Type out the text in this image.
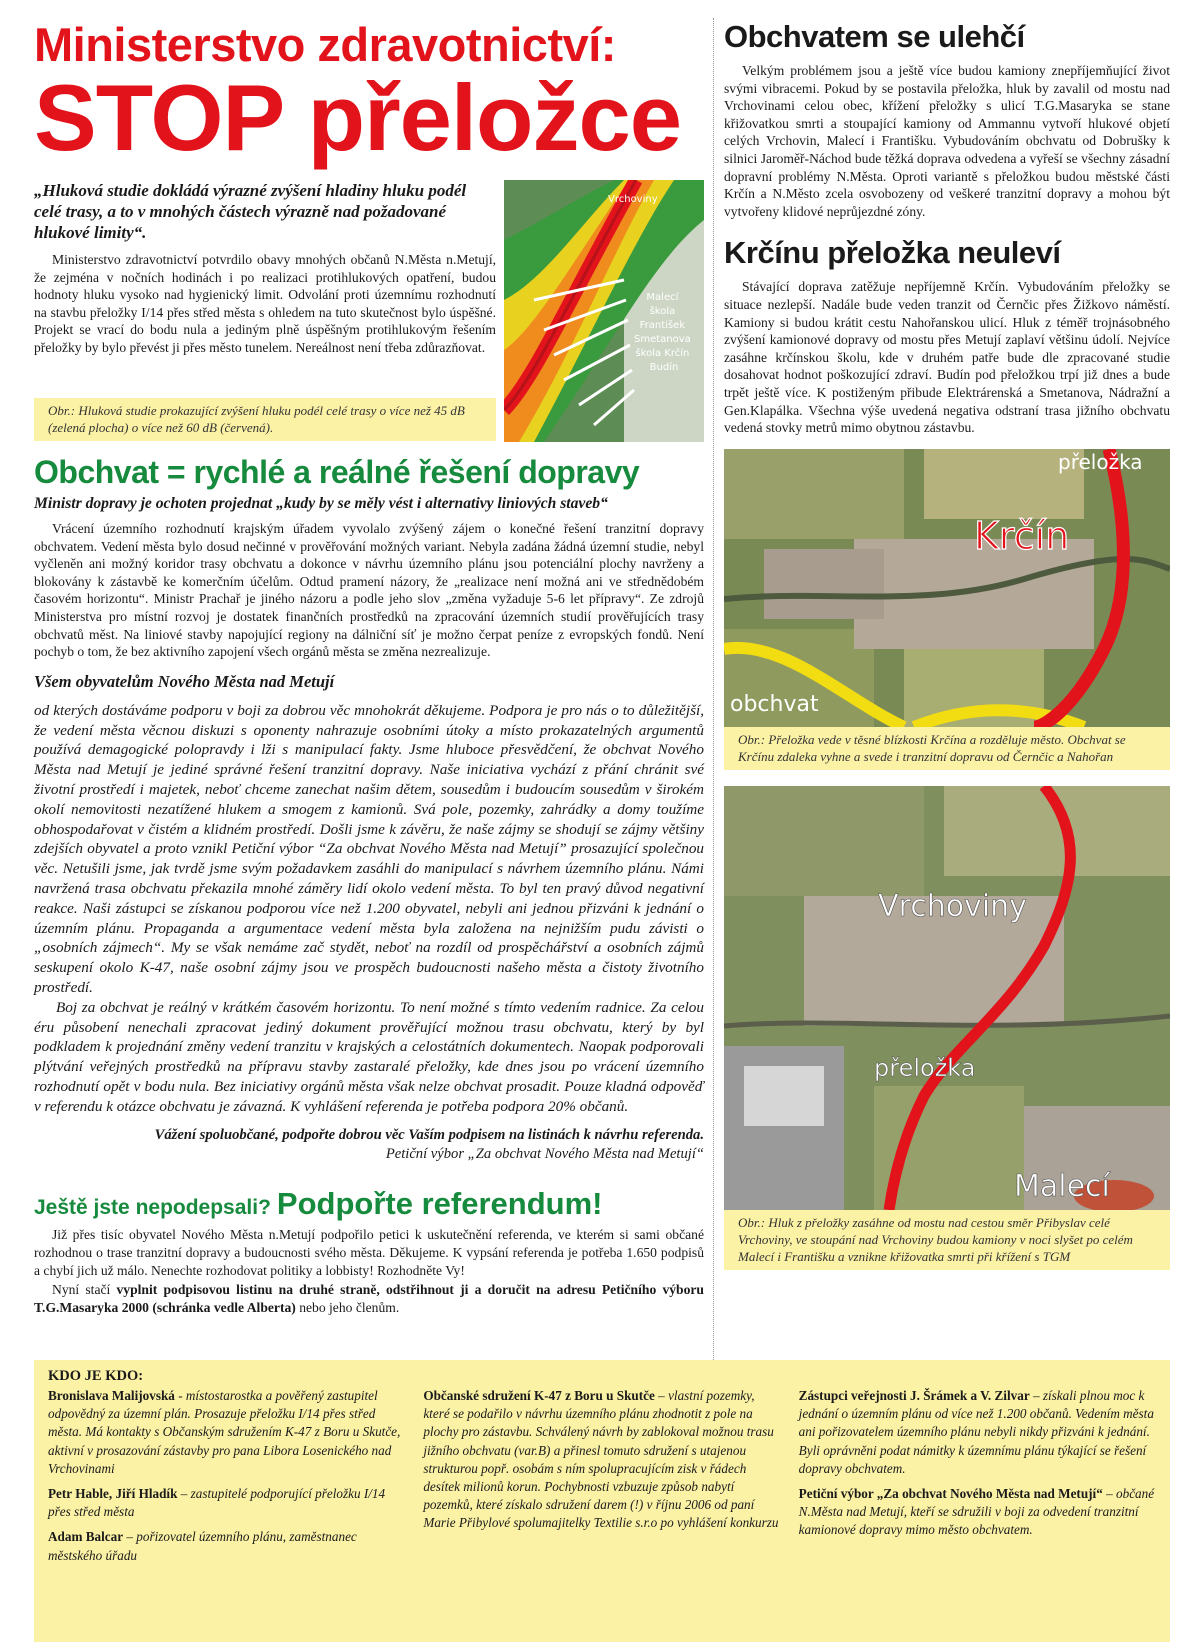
Ministerstvo zdravotnictví:
STOP přeložce

„Hluková studie dokládá výrazné zvýšení hladiny hluku podél celé trasy, a to v mnohých částech výrazně nad požadované hlukové limity“.

Ministerstvo zdravotnictví potvrdilo obavy mnohých občanů N.Města n.Metují, že zejména v nočních hodinách i po realizaci protihlukových opatření, budou hodnoty hluku vysoko nad hygienický limit. Odvolání proti územnímu rozhodnutí na stavbu přeložky I/14 přes střed města s ohledem na tuto skutečnost bylo úspěšné. Projekt se vrací do bodu nula a jediným plně úspěšným protihlukovým řešením přeložky by bylo převést ji přes město tunelem. Nereálnost není třeba zdůrazňovat.

Vrchoviny
Malecí škola František Smetanova škola Krčín Budín
Obr.: Hluková studie prokazující zvýšení hluku podél celé trasy o více než 45 dB (zelená plocha) o více než 60 dB (červená).
Obchvat = rychlé a reálné řešení dopravy

Ministr dopravy je ochoten projednat „kudy by se měly vést i alternativy liniových staveb“

Vrácení územního rozhodnutí krajským úřadem vyvolalo zvýšený zájem o konečné řešení tranzitní dopravy obchvatem. Vedení města bylo dosud nečinné v prověřování možných variant. Nebyla zadána žádná územní studie, nebyl vyčleněn ani možný koridor trasy obchvatu a dokonce v návrhu územního plánu jsou potenciální plochy navrženy a blokovány k zástavbě ke komerčním účelům. Odtud pramení názory, že „realizace není možná ani ve střednědobém časovém horizontu“. Ministr Prachař je jiného názoru a podle jeho slov „změna vyžaduje 5-6 let přípravy“. Ze zdrojů Ministerstva pro místní rozvoj je dostatek finančních prostředků na zpracování územních studií prověřujících trasy obchvatů měst. Na liniové stavby napojující regiony na dálniční síť je možno čerpat peníze z evropských fondů. Není pochyb o tom, že bez aktivního zapojení všech orgánů města se změna nezrealizuje.

Všem obyvatelům Nového Města nad Metují

od kterých dostáváme podporu v boji za dobrou věc mnohokrát děkujeme. Podpora je pro nás o to důležitější, že vedení města věcnou diskuzi s oponenty nahrazuje osobními útoky a místo prokazatelných argumentů používá demagogické polopravdy i lži s manipulací fakty. Jsme hluboce přesvědčení, že obchvat Nového Města nad Metují je jediné správné řešení tranzitní dopravy. Naše iniciativa vychází z přání chránit své životní prostředí i majetek, neboť chceme zanechat našim dětem, sousedům i budoucím sousedům v širokém okolí nemovitosti nezatížené hlukem a smogem z kamionů. Svá pole, pozemky, zahrádky a domy toužíme obhospodařovat v čistém a klidném prostředí. Došli jsme k závěru, že naše zájmy se shodují se zájmy většiny zdejších obyvatel a proto vznikl Petiční výbor “Za obchvat Nového Města nad Metují” prosazující společnou věc. Netušili jsme, jak tvrdě jsme svým požadavkem zasáhli do manipulací s návrhem územního plánu. Námi navržená trasa obchvatu překazila mnohé záměry lidí okolo vedení města. To byl ten pravý důvod negativní reakce. Naši zástupci se získanou podporou více než 1.200 obyvatel, nebyli ani jednou přizváni k jednání o územním plánu. Propaganda a argumentace vedení města byla založena na nejnižším pudu závisti o „osobních zájmech“. My se však nemáme zač stydět, neboť na rozdíl od prospěchářství a osobních zájmů seskupení okolo K-47, naše osobní zájmy jsou ve prospěch budoucnosti našeho města a čistoty životního prostředí.

Boj za obchvat je reálný v krátkém časovém horizontu. To není možné s tímto vedením radnice. Za celou éru působení nenechali zpracovat jediný dokument prověřující možnou trasu obchvatu, který by byl podkladem k projednání změny vedení tranzitu v krajských a celostátních dokumentech. Naopak podporovali plýtvání veřejných prostředků na přípravu stavby zastaralé přeložky, kde dnes jsou po vrácení územního rozhodnutí opět v bodu nula. Bez iniciativy orgánů města však nelze obchvat prosadit. Pouze kladná odpověď v referendu k otázce obchvatu je závazná. K vyhlášení referenda je potřeba podpora 20% občanů.

Vážení spoluobčané, podpořte dobrou věc Vaším podpisem na listinách k návrhu referenda.
Petiční výbor „Za obchvat Nového Města nad Metují“
Ještě jste nepodepsali? Podpořte referendum!

Již přes tisíc obyvatel Nového Města n.Metují podpořilo petici k uskutečnění referenda, ve kterém si sami občané rozhodnou o trase tranzitní dopravy a budoucnosti svého města. Děkujeme. K vypsání referenda je potřeba 1.650 podpisů a chybí jich už málo. Nenechte rozhodovat politiky a lobbisty! Rozhodněte Vy!

Nyní stačí vyplnit podpisovou listinu na druhé straně, odstřihnout ji a doručit na adresu Petičního výboru T.G.Masaryka 2000 (schránka vedle Alberta) nebo jeho členům.

Obchvatem se ulehčí

Velkým problémem jsou a ještě více budou kamiony znepříjemňující život svými vibracemi. Pokud by se postavila přeložka, hluk by zavalil od mostu nad Vrchovinami celou obec, křížení přeložky s ulicí T.G.Masaryka se stane křižovatkou smrti a stoupající kamiony od Ammannu vytvoří hlukové objetí celých Vrchovin, Malecí i Františku. Vybudováním obchvatu od Dobrušky k silnici Jaroměř-Náchod bude těžká doprava odvedena a vyřeší se všechny zásadní dopravní problémy N.Města. Oproti variantě s přeložkou budou městské části Krčín a N.Město zcela osvobozeny od veškeré tranzitní dopravy a mohou být vytvořeny klidové neprůjezdné zóny.

Krčínu přeložka neuleví

Stávající doprava zatěžuje nepříjemně Krčín. Vybudováním přeložky se situace nezlepší. Nadále bude veden tranzit od Černčic přes Žižkovo náměstí. Kamiony si budou krátit cestu Nahořanskou ulicí. Hluk z téměř trojnásobného zvýšení kamionové dopravy od mostu přes Metují zaplaví většinu údolí. Nejvíce zasáhne krčínskou školu, kde v druhém patře bude dle zpracované studie dosahovat hodnot poškozující zdraví. Budín pod přeložkou trpí již dnes a bude trpět ještě více. K postiženým přibude Elektrárenská a Smetanova, Nádražní a Gen.Klapálka. Všechna výše uvedená negativa odstraní trasa jižního obchvatu vedená stovky metrů mimo obytnou zástavbu.

přeložka
Krčín
obchvat
Obr.: Přeložka vede v těsné blízkosti Krčína a rozděluje město. Obchvat se Krčínu zdaleka vyhne a svede i tranzitní dopravu od Černčic a Nahořan
Vrchoviny
přeložka
Malecí
Obr.: Hluk z přeložky zasáhne od mostu nad cestou směr Přibyslav celé Vrchoviny, ve stoupání nad Vrchoviny budou kamiony v noci slyšet po celém Malecí i Františku a vznikne křižovatka smrti při křížení s TGM
KDO JE KDO:

Bronislava Malijovská - místostarostka a pověřený zastupitel odpovědný za územní plán. Prosazuje přeložku I/14 přes střed města. Má kontakty s Občanským sdružením K-47 z Boru u Skutče, aktivní v prosazování zástavby pro pana Libora Losenického nad Vrchovinami

Petr Hable, Jiří Hladík – zastupitelé podporující přeložku I/14 přes střed města

Adam Balcar – pořizovatel územního plánu, zaměstnanec městského úřadu

Občanské sdružení K-47 z Boru u Skutče – vlastní pozemky, které se podařilo v návrhu územního plánu zhodnotit z pole na plochy pro zástavbu. Schválený návrh by zablokoval možnou trasu jižního obchvatu (var.B) a přinesl tomuto sdružení s utajenou strukturou popř. osobám s ním spolupracujícím zisk v řádech desítek milionů korun. Pochybnosti vzbuzuje způsob nabytí pozemků, které získalo sdružení darem (!) v říjnu 2006 od paní Marie Přibylové spolumajitelky Textilie s.r.o po vyhlášení konkurzu

Zástupci veřejnosti J. Šrámek a V. Zilvar – získali plnou moc k jednání o územním plánu od více než 1.200 občanů. Vedením města ani pořizovatelem územního plánu nebyli nikdy přizváni k jednání. Byli oprávněni podat námitky k územnímu plánu týkající se řešení dopravy obchvatem.

Petiční výbor „Za obchvat Nového Města nad Metují“ – občané N.Města nad Metují, kteří se sdružili v boji za odvedení tranzitní kamionové dopravy mimo město obchvatem.
